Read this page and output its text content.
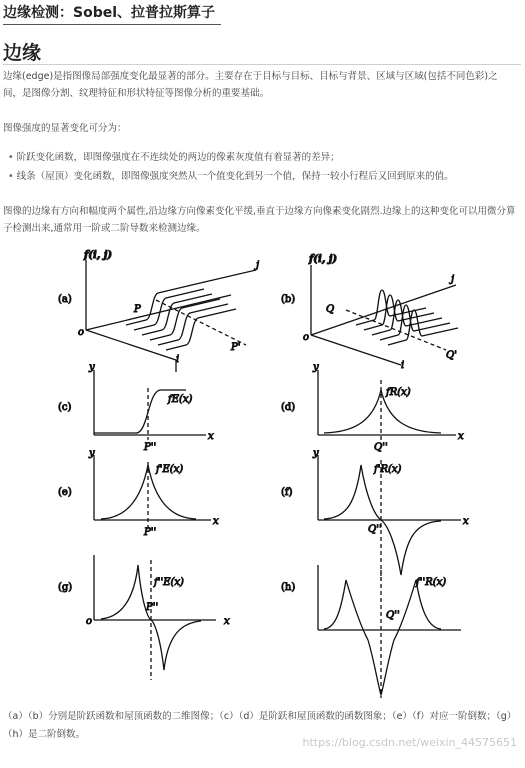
边缘检测：Sobel、拉普拉斯算子
边缘
边缘(edge)是指图像局部强度变化最显著的部分。主要存在于目标与目标、目标与背景、区域与区域(包括不同色彩)之间，是图像分割、纹理特征和形状特征等图像分析的重要基础。
图像强度的显著变化可分为：
• 阶跃变化函数，即图像强度在不连续处的两边的像素灰度值有着显著的差异；
• 线条（屋顶）变化函数，即图像强度突然从一个值变化到另一个值，保持一较小行程后又回到原来的值。
图像的边缘有方向和幅度两个属性,沿边缘方向像素变化平缓,垂直于边缘方向像素变化剧烈.边缘上的这种变化可以用微分算子检测出来,通常用一阶或二阶导数来检测边缘。
(a)
f(i, j)
j
i
o
P
P'
(b)
f(i, j)
j
i
o
Q
Q'
(c)
y
x
fE(x)
P''
(d)
y
x
fR(x)
Q''
(e)
y
x
f'E(x)
P''
(f)
y
x
f'R(x)
Q''
(g)
o	x
f''E(x)
P''
(h)	f''R(x)
Q''
（a）（b）分别是阶跃函数和屋顶函数的二维图像；（c）（d）是阶跃和屋顶函数的函数图象；（e）（f）对应一阶倒数；（g）（h）是二阶倒数。
https://blog.csdn.net/weixin_44575651
